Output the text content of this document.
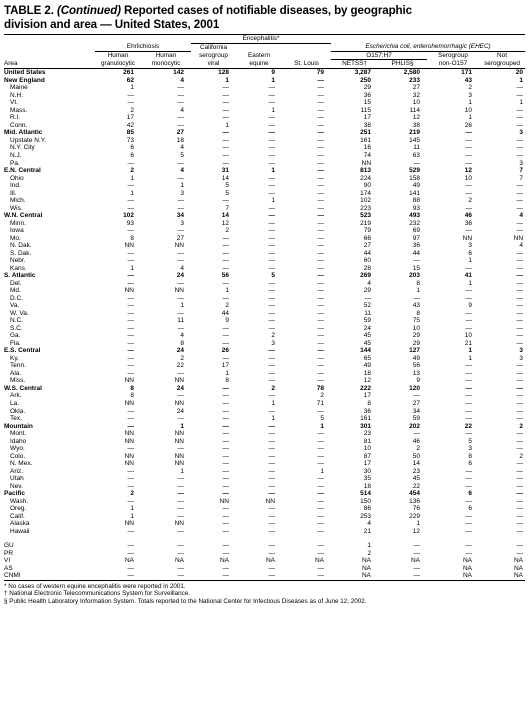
TABLE 2. (Continued) Reported cases of notifiable diseases, by geographic
division and area — United States, 2001
			Encephalitis*						
	Ehrlichiosis		California			Escherichia coli, enterohemorrhagic (EHEC)			
	Human	Human	serogroup	Eastern		O157:H7		Serogroup	Not
Area	granulocytic	monocytic	viral	equine	St. Louis	NETSS†	PHLIS§	non-O157	serogrouped
United States	261	142	128	9	79	3,287	2,580	171	20
New England	62	4	1	1	—	250	233	43	1
Maine	1	—	—	—	—	29	27	2	—
N.H.	—	—	—	—	—	36	32	3	—
Vt.	—	—	—	—	—	15	10	1	1
Mass.	2	4	—	1	—	115	114	10	—
R.I.	17	—	—	—	—	17	12	1	—
Conn.	42	—	1	—	—	38	38	26	—
Mid. Atlantic	85	27	—	—	—	251	219	—	3
Upstate N.Y.	73	18	—	—	—	161	145	—	—
N.Y. City	6	4	—	—	—	16	11	—	—
N.J.	6	5	—	—	—	74	63	—	—
Pa.	—	—	—	—	—	NN	—	—	3
E.N. Central	2	4	31	1	—	813	529	12	7
Ohio	1	—	14	—	—	224	158	10	7
Ind.	—	1	5	—	—	90	49	—	—
Ill.	1	3	5	—	—	174	141	—	—
Mich.	—	—	—	1	—	102	88	2	—
Wis.	—	—	7	—	—	223	93	—	—
W.N. Central	102	34	14	—	—	523	493	46	4
Minn.	93	3	12	—	—	219	232	36	—
Iowa	—	—	2	—	—	79	69	—	—
Mo.	8	27	—	—	—	66	97	NN	NN
N. Dak.	NN	NN	—	—	—	27	36	3	4
S. Dak.	—	—	—	—	—	44	44	6	—
Nebr.	—	—	—	—	—	60	—	1	—
Kans.	1	4	—	—	—	28	15	—	—
S. Atlantic	—	24	56	5	—	269	203	41	—
Del.	—	—	—	—	—	4	8	1	—
Md.	NN	NN	1	—	—	29	1	—	—
D.C.	—	—	—	—	—	—	—	—	—
Va.	—	1	2	—	—	52	43	9	—
W. Va.	—	—	44	—	—	11	8	—	—
N.C.	—	11	9	—	—	59	75	—	—
S.C.	—	—	—	—	—	24	10	—	—
Ga.	—	4	—	2	—	45	29	10	—
Fla.	—	8	—	3	—	45	29	21	—
E.S. Central	—	24	26	—	—	144	127	1	3
Ky.	—	2	—	—	—	65	49	1	3
Tenn.	—	22	17	—	—	49	56	—	—
Ala.	—	—	1	—	—	18	13	—	—
Miss.	NN	NN	8	—	—	12	9	—	—
W.S. Central	8	24	—	2	78	222	120	—	—
Ark.	8	—	—	—	2	17	—	—	—
La.	NN	NN	—	1	71	8	27	—	—
Okla.	—	24	—	—	—	36	34	—	—
Tex.	—	—	—	1	5	161	59	—	—
Mountain	—	1	—	—	1	301	202	22	2
Mont.	NN	NN	—	—	—	23	—	—	—
Idaho	NN	NN	—	—	—	81	46	5	—
Wyo.	—	—	—	—	—	10	2	3	—
Colo.	NN	NN	—	—	—	87	50	8	2
N. Mex.	NN	NN	—	—	—	17	14	6	—
Ariz.	—	1	—	—	1	30	23	—	—
Utah	—	—	—	—	—	35	45	—	—
Nev.	—	—	—	—	—	18	22	—	—
Pacific	2	—	—	—	—	514	454	6	—
Wash.	—	—	NN	NN	—	150	136	—	—
Oreg.	1	—	—	—	—	86	76	6	—
Calif.	1	—	—	—	—	253	229	—	—
Alaska	NN	NN	—	—	—	4	1	—	—
Hawaii	—	—	—	—	—	21	12	—	—

GU	—	—	—	—	—	1	—	—	—
PR	—	—	—	—	—	2	—	—	—
VI	NA	NA	NA	NA	NA	NA	NA	NA	NA
AS	—	—	—	—	—	NA	—	NA	NA
CNMI	—	—	—	—	—	NA	—	NA	NA
* No cases of western equine encephalitis were reported in 2001.
† National Electronic Telecommunications System for Surveillance.
§ Public Health Laboratory Information System. Totals reported to the National Center for Infectious Diseases as of June 12, 2002.
